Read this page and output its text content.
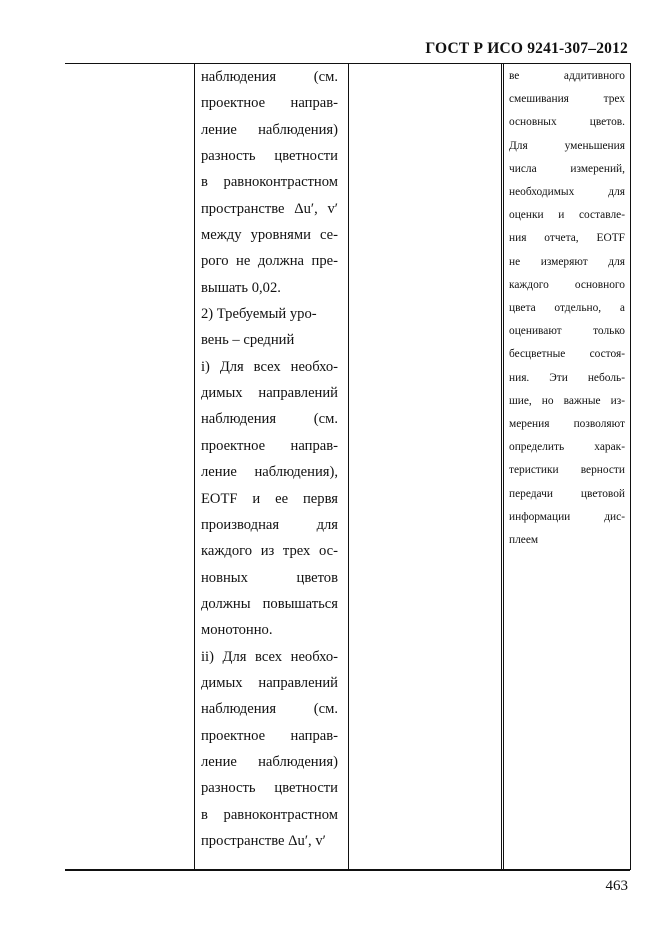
ГОСТ Р ИСО 9241-307–2012
наблюдения (см.
проектное направ-
ление наблюдения)
разность цветности
в равноконтрастном
пространстве Δu′, v′
между уровнями се-
рого не должна пре-
вышать 0,02.
2) Требуемый уро-
вень – средний
i) Для всех необхо-
димых направлений
наблюдения (см.
проектное направ-
ление наблюдения),
EOTF и ее первя
производная для
каждого из трех ос-
новных цветов
должны повышаться
монотонно.
ii) Для всех необхо-
димых направлений
наблюдения (см.
проектное направ-
ление наблюдения)
разность цветности
в равноконтрастном
пространстве Δu′, v′
ве аддитивного
смешивания трех
основных цветов.
Для уменьшения
числа измерений,
необходимых для
оценки и составле-
ния отчета, EOTF
не измеряют для
каждого основного
цвета отдельно, а
оценивают только
бесцветные состоя-
ния. Эти неболь-
шие, но важные из-
мерения позволяют
определить харак-
теристики верности
передачи цветовой
информации дис-
плеем
463
